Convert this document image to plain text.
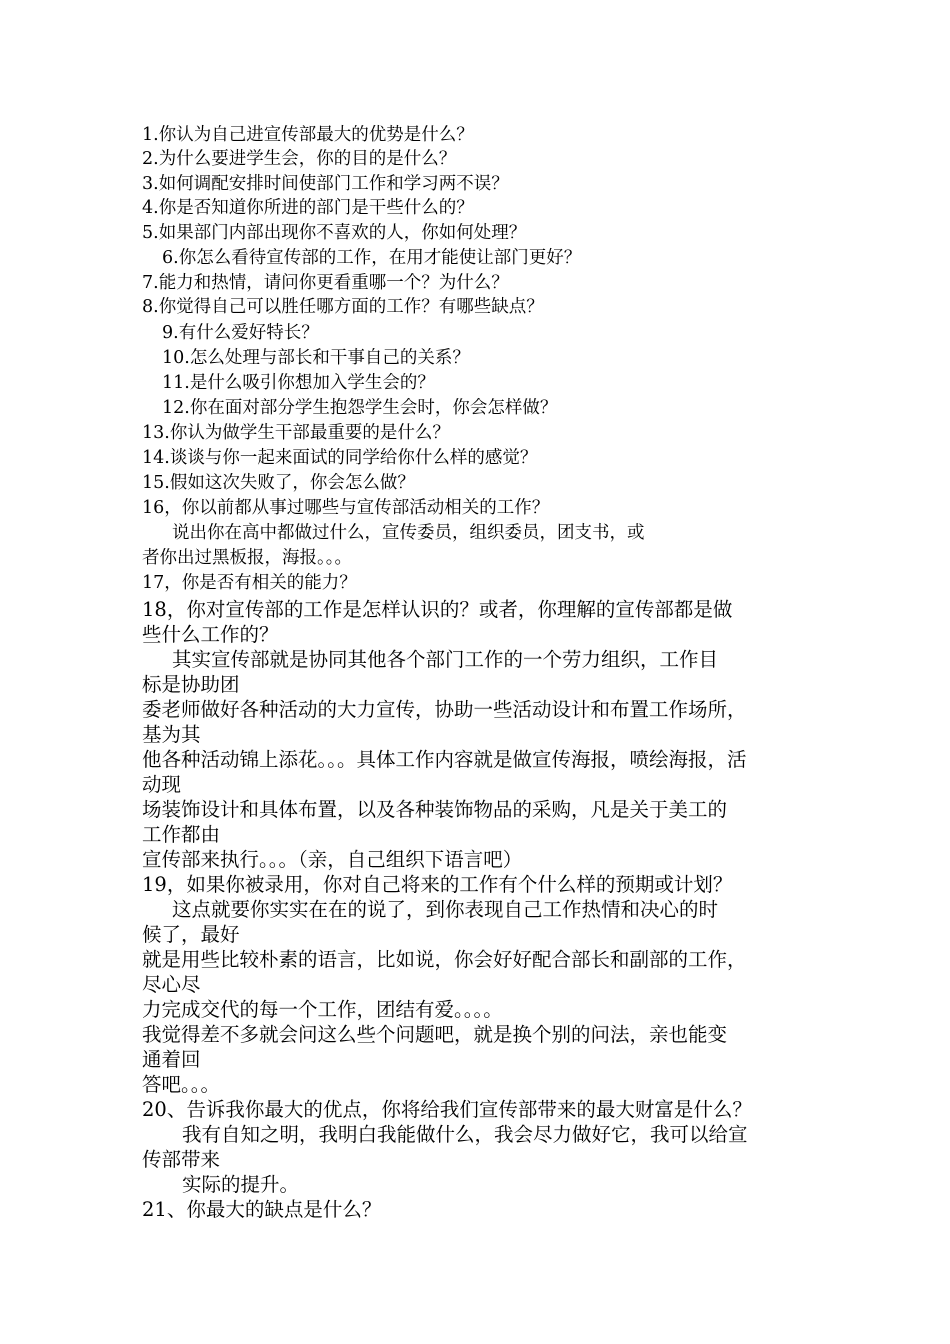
1.你认为自己进宣传部最大的优势是什么？
2.为什么要进学生会，你的目的是什么？
3.如何调配安排时间使部门工作和学习两不误？
4.你是否知道你所进的部门是干些什么的？
5.如果部门内部出现你不喜欢的人，你如何处理？
6.你怎么看待宣传部的工作，在用才能使让部门更好？
7.能力和热情，请问你更看重哪一个？为什么？
8.你觉得自己可以胜任哪方面的工作？有哪些缺点？
9.有什么爱好特长？
10.怎么处理与部长和干事自己的关系？
11.是什么吸引你想加入学生会的？
12.你在面对部分学生抱怨学生会时，你会怎样做？
13.你认为做学生干部最重要的是什么？
14.谈谈与你一起来面试的同学给你什么样的感觉？
15.假如这次失败了，你会怎么做？
16，你以前都从事过哪些与宣传部活动相关的工作？
说出你在高中都做过什么，宣传委员，组织委员，团支书，或
者你出过黑板报，海报。。。
17，你是否有相关的能力？
18，你对宣传部的工作是怎样认识的？或者，你理解的宣传部都是做
些什么工作的？
其实宣传部就是协同其他各个部门工作的一个劳力组织，工作目
标是协助团
委老师做好各种活动的大力宣传，协助一些活动设计和布置工作场所，
基为其
他各种活动锦上添花。。。具体工作内容就是做宣传海报，喷绘海报，活
动现
场装饰设计和具体布置，以及各种装饰物品的采购，凡是关于美工的
工作都由
宣传部来执行。。。（亲，自己组织下语言吧）
19，如果你被录用，你对自己将来的工作有个什么样的预期或计划？
这点就要你实实在在的说了，到你表现自己工作热情和决心的时
候了，最好
就是用些比较朴素的语言，比如说，你会好好配合部长和副部的工作，
尽心尽
力完成交代的每一个工作，团结有爱。。。。
我觉得差不多就会问这么些个问题吧，就是换个别的问法，亲也能变
通着回
答吧。。。
20、告诉我你最大的优点，你将给我们宣传部带来的最大财富是什么？
我有自知之明，我明白我能做什么，我会尽力做好它，我可以给宣
传部带来
实际的提升。
21、你最大的缺点是什么？
